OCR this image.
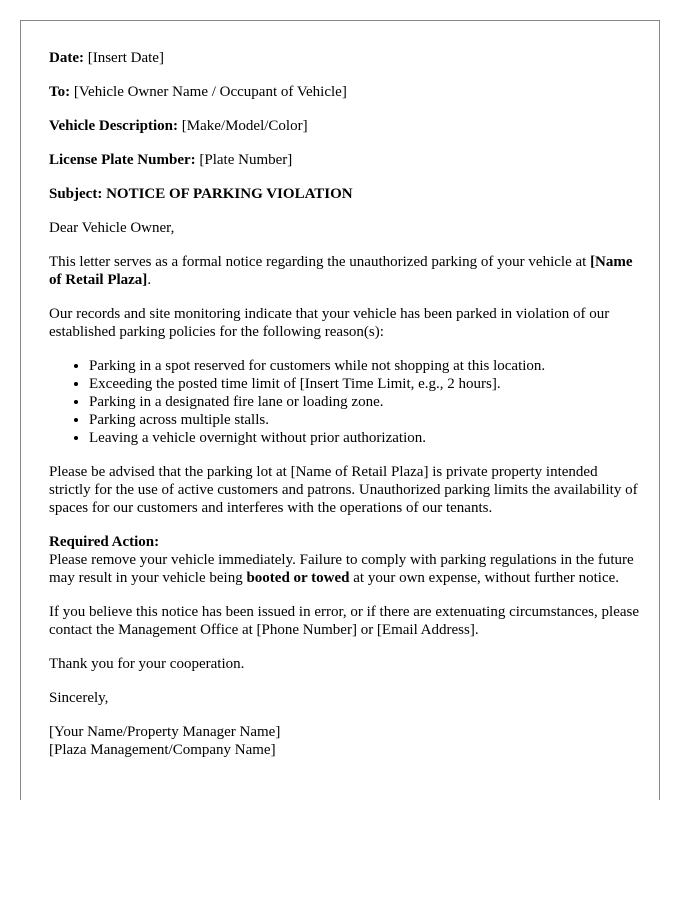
Date: [Insert Date]

To: [Vehicle Owner Name / Occupant of Vehicle]

Vehicle Description: [Make/Model/Color]

License Plate Number: [Plate Number]

Subject: NOTICE OF PARKING VIOLATION

Dear Vehicle Owner,

This letter serves as a formal notice regarding the unauthorized parking of your vehicle at [Name of Retail Plaza].

Our records and site monitoring indicate that your vehicle has been parked in violation of our established parking policies for the following reason(s):

• Parking in a spot reserved for customers while not shopping at this location.
• Exceeding the posted time limit of [Insert Time Limit, e.g., 2 hours].
• Parking in a designated fire lane or loading zone.
• Parking across multiple stalls.
• Leaving a vehicle overnight without prior authorization.

Please be advised that the parking lot at [Name of Retail Plaza] is private property intended strictly for the use of active customers and patrons. Unauthorized parking limits the availability of spaces for our customers and interferes with the operations of our tenants.

Required Action:
Please remove your vehicle immediately. Failure to comply with parking regulations in the future may result in your vehicle being booted or towed at your own expense, without further notice.

If you believe this notice has been issued in error, or if there are extenuating circumstances, please contact the Management Office at [Phone Number] or [Email Address].

Thank you for your cooperation.

Sincerely,

[Your Name/Property Manager Name]

[Plaza Management/Company Name]
